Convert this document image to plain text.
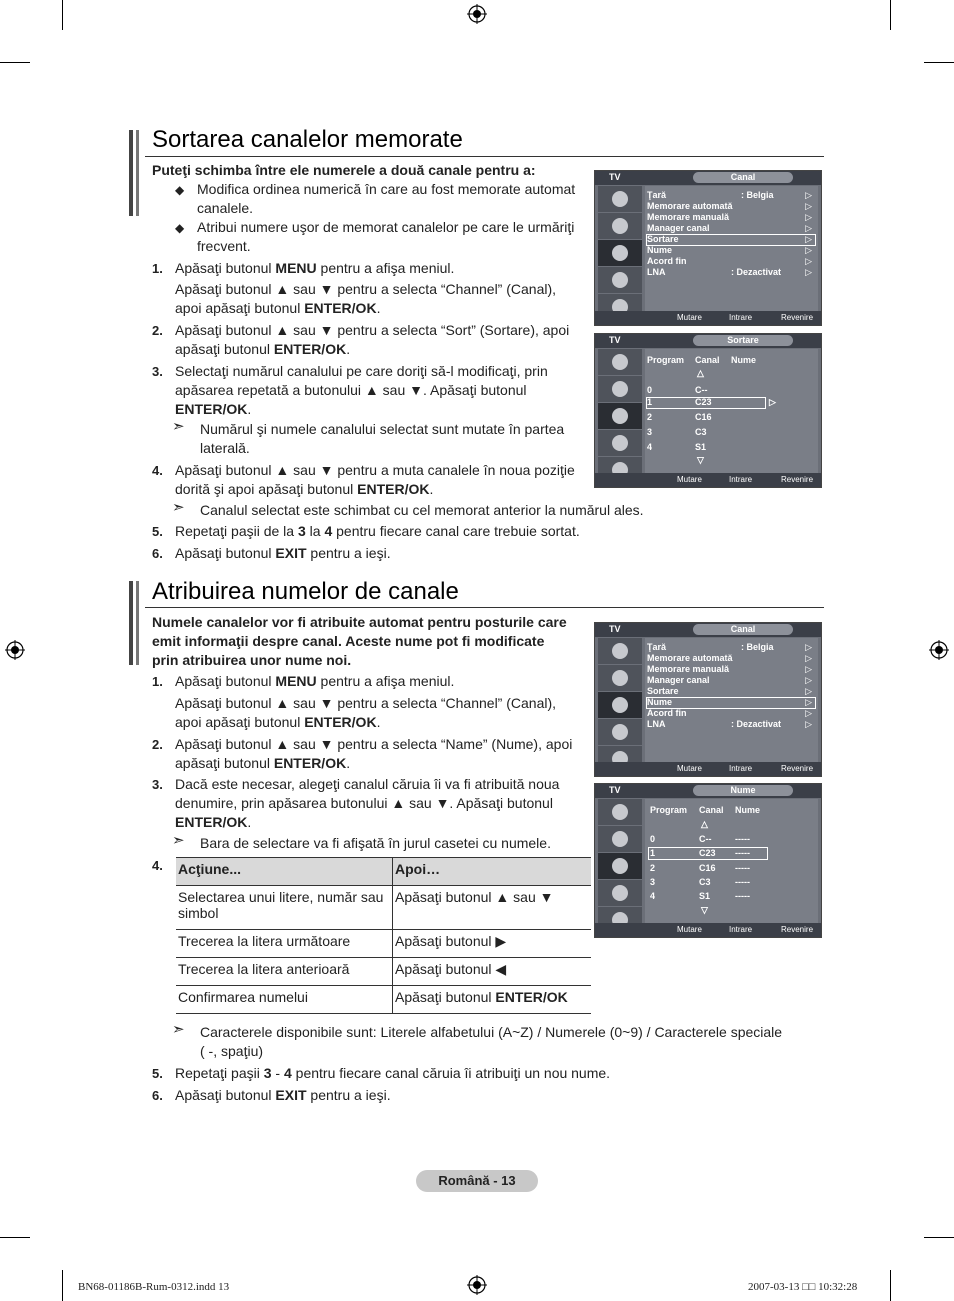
Sortarea canalelor memorate

Puteţi schimba între ele numerele a două canale pentru a:

◆ Modifica ordinea numerică în care au fost memorate automat
canalele.

◆ Atribui numere uşor de memorat canalelor pe care le urmăriţi
frecvent.

1. Apăsaţi butonul MENU pentru a afişa meniul.

Apăsaţi butonul ▲ sau ▼ pentru a selecta “Channel” (Canal),
apoi apăsaţi butonul ENTER/OK.

2. Apăsaţi butonul ▲ sau ▼ pentru a selecta “Sort” (Sortare), apoi
apăsaţi butonul ENTER/OK.

3. Selectaţi numărul canalului pe care doriţi să-l modificaţi, prin
apăsarea repetată a butonului ▲ sau ▼. Apăsaţi butonul
ENTER/OK.

➣ Numărul şi numele canalului selectat sunt mutate în partea
laterală.

4. Apăsaţi butonul ▲ sau ▼ pentru a muta canalele în noua poziţie
dorită şi apoi apăsaţi butonul ENTER/OK.

➣ Canalul selectat este schimbat cu cel memorat anterior la numărul ales.

5. Repetaţi paşii de la 3 la 4 pentru fiecare canal care trebuie sortat.

6. Apăsaţi butonul EXIT pentru a ieşi.

TV	Canal
Ţară	: Belgia	▷
Memorare automată	▷
Memorare manuală	▷
Manager canal	▷
Sortare	▷
Nume	▷
Acord fin	▷
LNA	: Dezactivat	▷
Mutare	Intrare	Revenire
TV	Sortare
Program Canal Nume
△
0	C--
1	C23	▷
2	C16
3	C3
4	S1
▽
Mutare	Intrare	Revenire
Atribuirea numelor de canale

Numele canalelor vor fi atribuite automat pentru posturile care
emit informaţii despre canal. Aceste nume pot fi modificate
prin atribuirea unor nume noi.

1. Apăsaţi butonul MENU pentru a afişa meniul.

Apăsaţi butonul ▲ sau ▼ pentru a selecta “Channel” (Canal),
apoi apăsaţi butonul ENTER/OK.

2. Apăsaţi butonul ▲ sau ▼ pentru a selecta “Name” (Nume), apoi
apăsaţi butonul ENTER/OK.

3. Dacă este necesar, alegeţi canalul căruia îi va fi atribuită noua
denumire, prin apăsarea butonului ▲ sau ▼. Apăsaţi butonul
ENTER/OK.

➣ Bara de selectare va fi afişată în jurul casetei cu numele.

4. Acţiune...	Apoi…
Selectarea unui litere, număr sau simbol	Apăsaţi butonul ▲ sau ▼
Trecerea la litera următoare	Apăsaţi butonul ▶
Trecerea la litera anterioară	Apăsaţi butonul ◀
Confirmarea numelui	Apăsaţi butonul ENTER/OK
➣ Caracterele disponibile sunt: Literele alfabetului (A~Z) / Numerele (0~9) / Caracterele speciale
( -, spaţiu)

5. Repetaţi paşii 3 - 4 pentru fiecare canal căruia îi atribuiţi un nou nume.

6. Apăsaţi butonul EXIT pentru a ieşi.

TV	Canal
Ţară	: Belgia	▷
Memorare automată	▷
Memorare manuală	▷
Manager canal	▷
Sortare	▷
Nume	▷
Acord fin	▷
LNA	: Dezactivat	▷
Mutare	Intrare	Revenire
TV	Nume
Program Canal Nume
△
0	C--	-----
1	C23 -----
2	C16 -----
3	C3	-----
4	S1	-----
▽
Mutare	Intrare	Revenire
Română - 13
BN68-01186B-Rum-0312.indd 13	2007-03-13 □□ 10:32:28
